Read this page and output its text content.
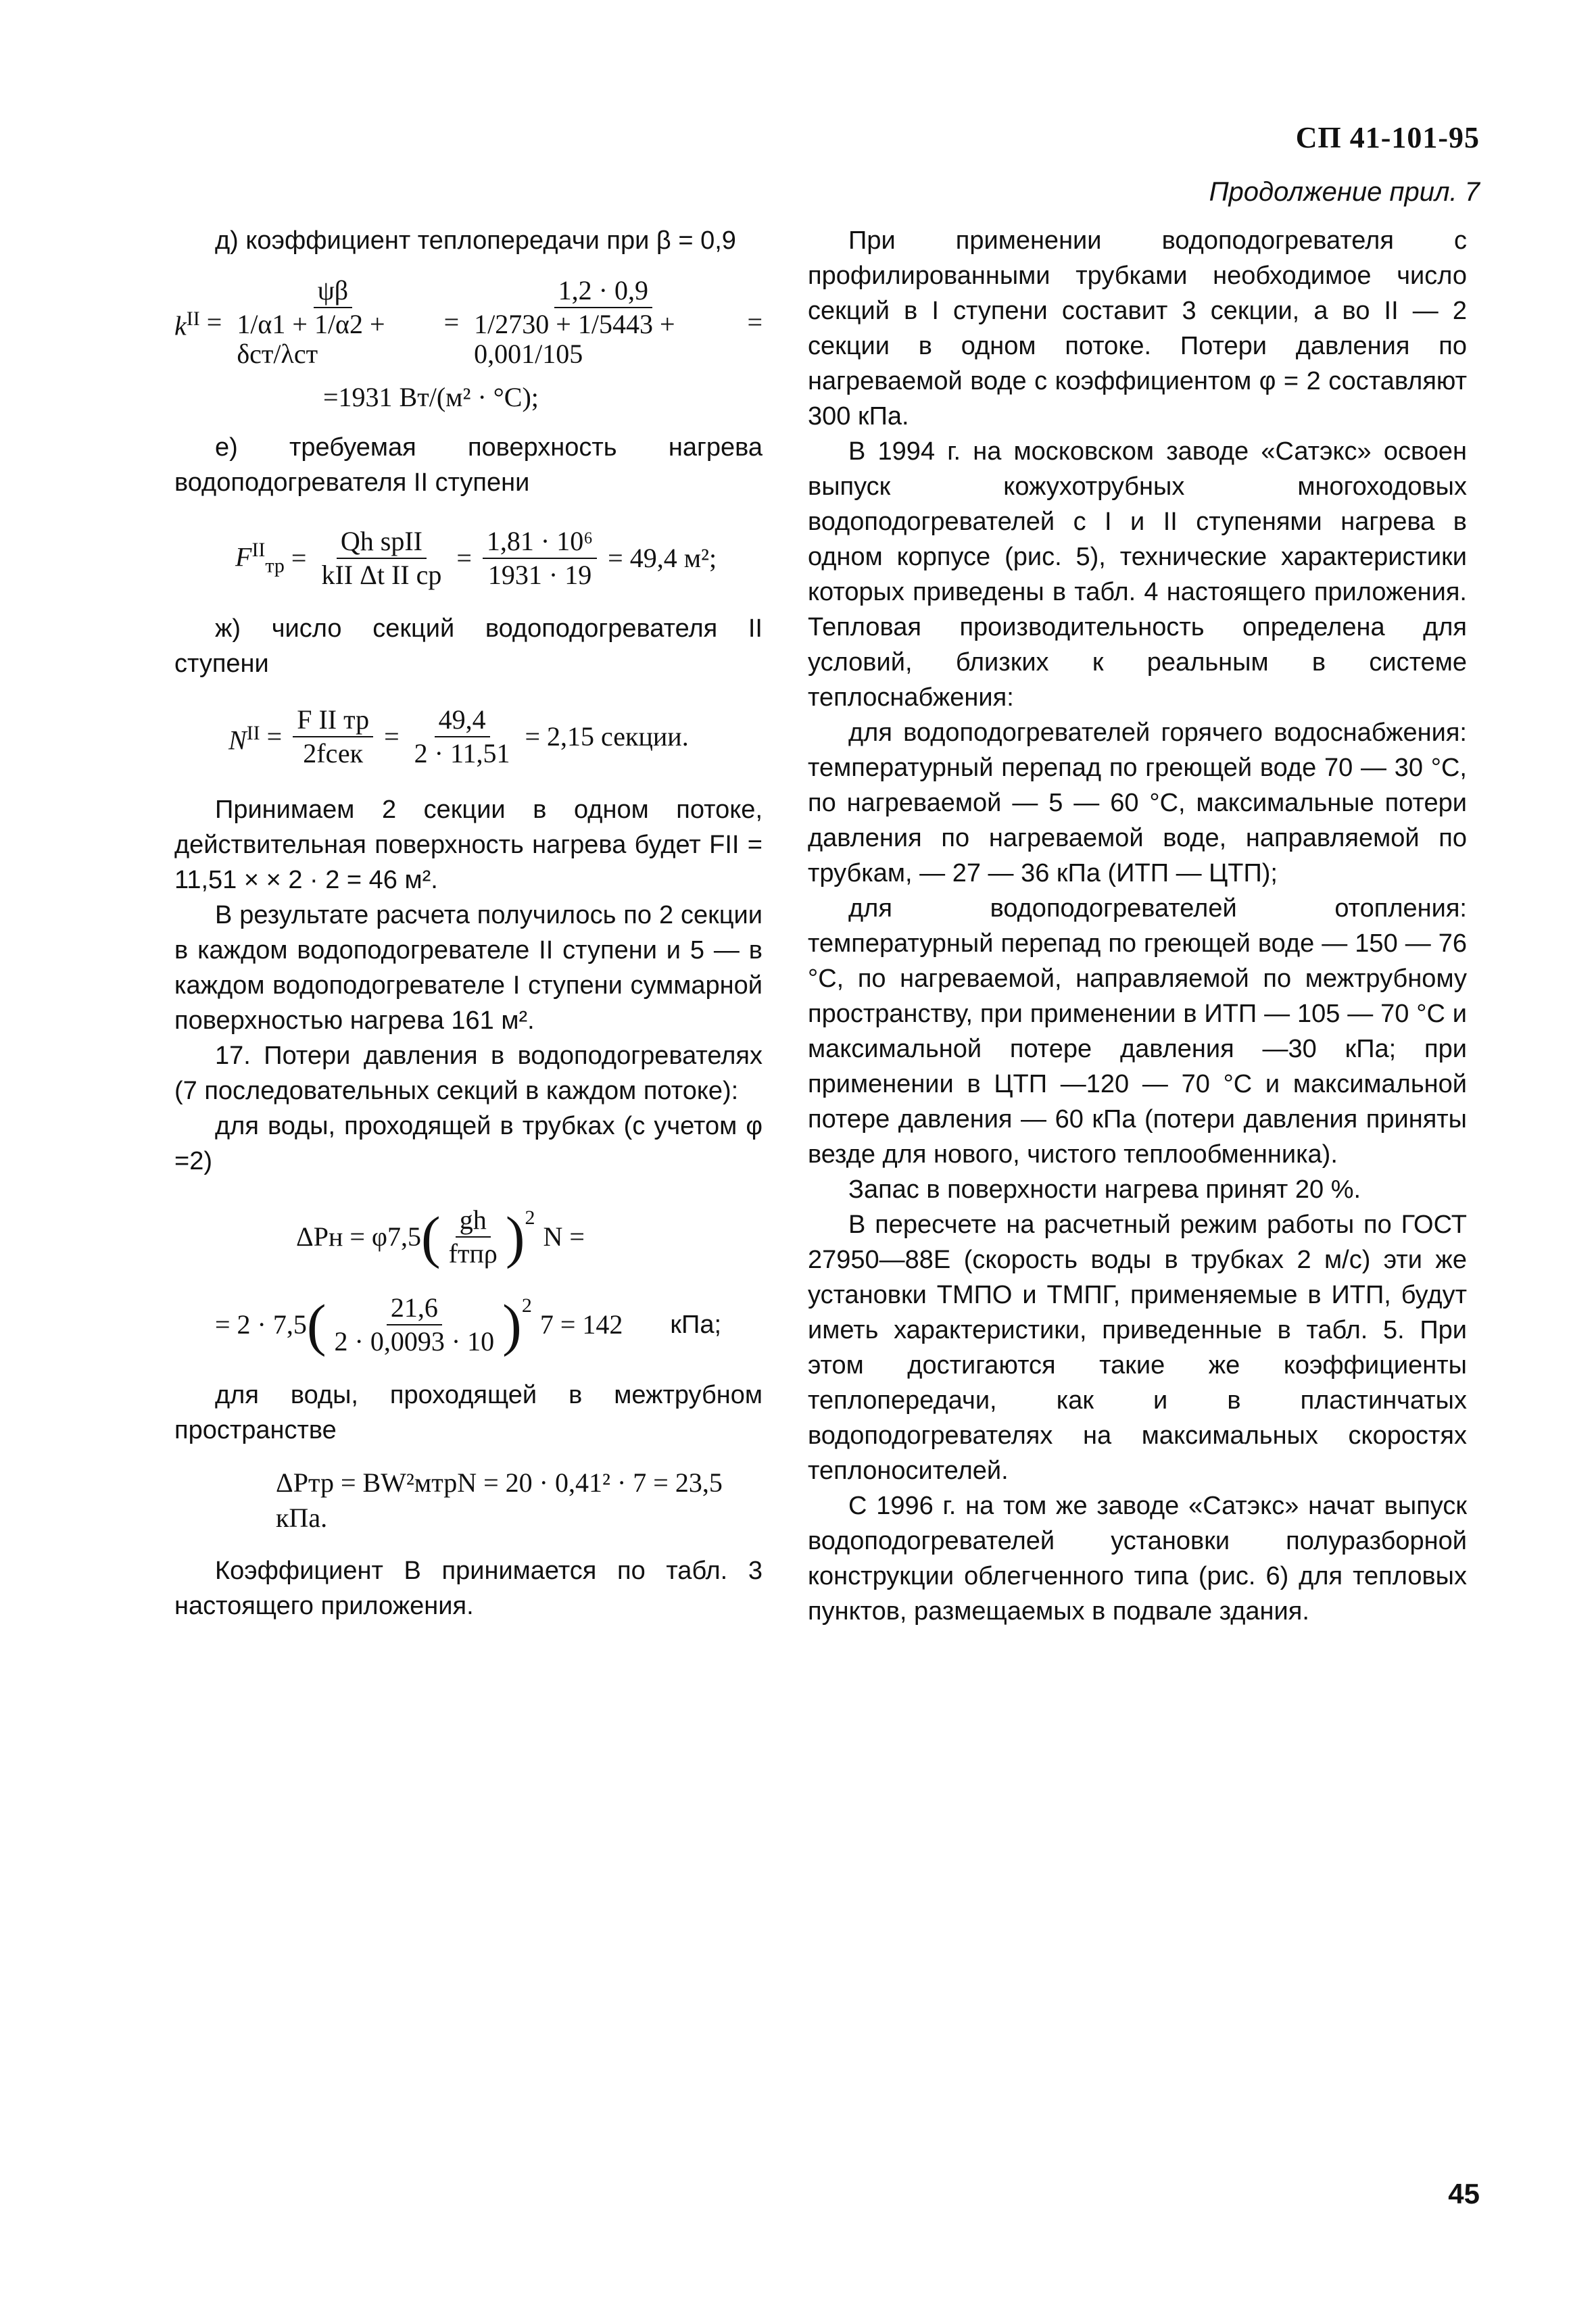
СП 41-101-95
Продолжение прил. 7

д) коэффициент теплопередачи при β = 0,9

$k^{II} = \frac{\psi\beta}{\text{1/α1 + 1/α2 + δст/λст}} = \frac{1,2 \cdot 0,9}{1/2730 + 1/5443 + 0,001/105}$ =
=1931 Вт/(м² · °С);

е) требуемая поверхность нагрева водоподогревателя II ступени

$F^{II}_{тр} = \frac{\text{Qh spII}}{\text{kII Δt II ср}} = \frac{\text{1,81 · 10⁶}}{1931 \cdot 19} = 49,4$ м²;

ж) число секций водоподогревателя II ступени

$N^{II} = \frac{\text{F II тр}}{\text{2fсек}} = \frac{49,4}{2 \cdot 11,51} = 2,15$ секции.

Принимаем 2 секции в одном потоке, действительная поверхность нагрева будет FII = 11,51 × × 2 · 2 = 46 м².

В результате расчета получилось по 2 секции в каждом водоподогревателе II ступени и 5 — в каждом водоподогревателе I ступени суммарной поверхностью нагрева 161 м².

17. Потери давления в водоподогревателях (7 последовательных секций в каждом потоке):

для воды, проходящей в трубках (с учетом φ =2)

ΔPн = φ7,5 ( $\frac{gh}{\text{fтпρ}} )^2$
N =
= 2 · 7,5 ( $\frac{21,6}{2 \cdot 0,0093 \cdot 10} )^2$
7 = 142 кПа;

для воды, проходящей в межтрубном пространстве

ΔPтр = BW²мтрN = 20 · 0,41² · 7 = 23,5 кПа.

Коэффициент B принимается по табл. 3 настоящего приложения.

При применении водоподогревателя с профилированными трубками необходимое число секций в I ступени составит 3 секции, а во II — 2 секции в одном потоке. Потери давления по нагреваемой воде с коэффициентом φ = 2 составляют 300 кПа.

В 1994 г. на московском заводе «Сатэкс» освоен выпуск кожухотрубных многоходовых водоподогревателей с I и II ступенями нагрева в одном корпусе (рис. 5), технические характеристики которых приведены в табл. 4 настоящего приложения. Тепловая производительность определена для условий, близких к реальным в системе теплоснабжения:

для водоподогревателей горячего водоснабжения: температурный перепад по греющей воде 70 — 30 °С, по нагреваемой — 5 — 60 °С, максимальные потери давления по нагреваемой воде, направляемой по трубкам, — 27 — 36 кПа (ИТП — ЦТП);

для водоподогревателей отопления: температурный перепад по греющей воде — 150 — 76 °С, по нагреваемой, направляемой по межтрубному пространству, при применении в ИТП — 105 — 70 °С и максимальной потере давления —30 кПа; при применении в ЦТП —120 — 70 °С и максимальной потере давления — 60 кПа (потери давления приняты везде для нового, чистого теплообменника).

Запас в поверхности нагрева принят 20 %.

В пересчете на расчетный режим работы по ГОСТ 27950—88Е (скорость воды в трубках 2 м/с) эти же установки ТМПО и ТМПГ, применяемые в ИТП, будут иметь характеристики, приведенные в табл. 5. При этом достигаются такие же коэффициенты теплопередачи, как и в пластинчатых водоподогревателях на максимальных скоростях теплоносителей.

С 1996 г. на том же заводе «Сатэкс» начат выпуск водоподогревателей установки полуразборной конструкции облегченного типа (рис. 6) для тепловых пунктов, размещаемых в подвале здания.

45
